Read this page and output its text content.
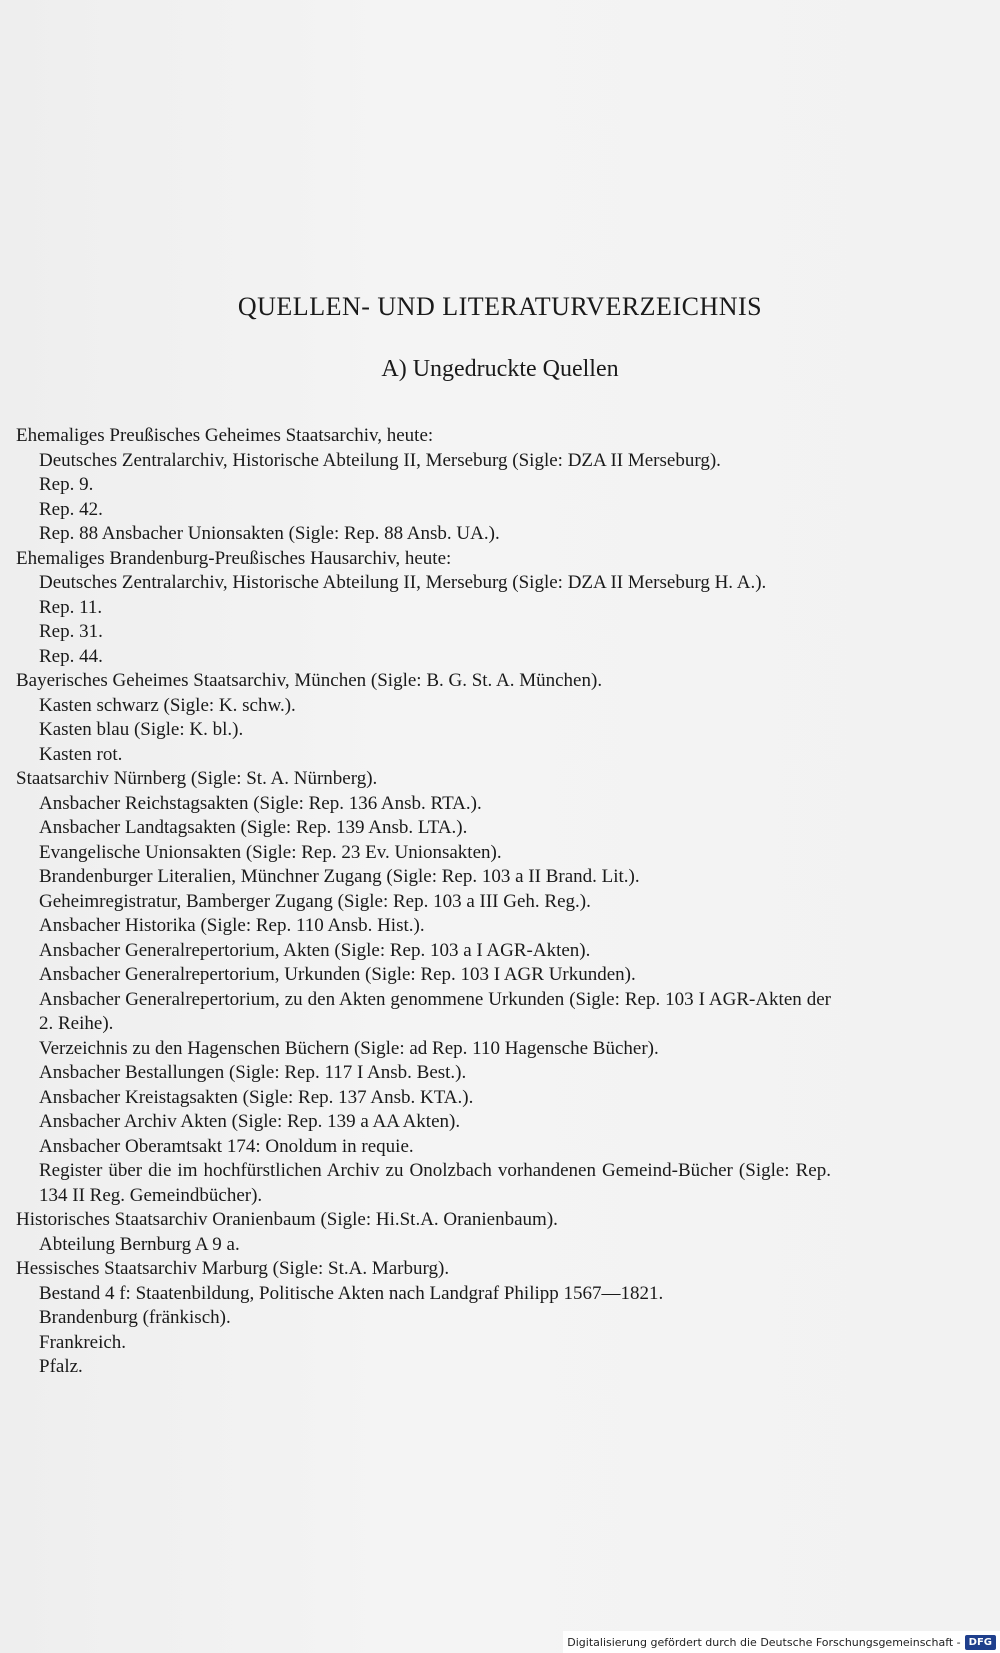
QUELLEN- UND LITERATURVERZEICHNIS
A) Ungedruckte Quellen
Ehemaliges Preußisches Geheimes Staatsarchiv, heute:
Deutsches Zentralarchiv, Historische Abteilung II, Merseburg (Sigle: DZA II Merseburg).
Rep. 9.
Rep. 42.
Rep. 88 Ansbacher Unionsakten (Sigle: Rep. 88 Ansb. UA.).
Ehemaliges Brandenburg-Preußisches Hausarchiv, heute:
Deutsches Zentralarchiv, Historische Abteilung II, Merseburg (Sigle: DZA II Merseburg H. A.).
Rep. 11.
Rep. 31.
Rep. 44.
Bayerisches Geheimes Staatsarchiv, München (Sigle: B. G. St. A. München).
Kasten schwarz (Sigle: K. schw.).
Kasten blau (Sigle: K. bl.).
Kasten rot.
Staatsarchiv Nürnberg (Sigle: St. A. Nürnberg).
Ansbacher Reichstagsakten (Sigle: Rep. 136 Ansb. RTA.).
Ansbacher Landtagsakten (Sigle: Rep. 139 Ansb. LTA.).
Evangelische Unionsakten (Sigle: Rep. 23 Ev. Unionsakten).
Brandenburger Literalien, Münchner Zugang (Sigle: Rep. 103 a II Brand. Lit.).
Geheimregistratur, Bamberger Zugang (Sigle: Rep. 103 a III Geh. Reg.).
Ansbacher Historika (Sigle: Rep. 110 Ansb. Hist.).
Ansbacher Generalrepertorium, Akten (Sigle: Rep. 103 a I AGR-Akten).
Ansbacher Generalrepertorium, Urkunden (Sigle: Rep. 103 I AGR Urkunden).
Ansbacher Generalrepertorium, zu den Akten genommene Urkunden (Sigle: Rep. 103 I AGR-Akten der 2. Reihe).
Verzeichnis zu den Hagenschen Büchern (Sigle: ad Rep. 110 Hagensche Bücher).
Ansbacher Bestallungen (Sigle: Rep. 117 I Ansb. Best.).
Ansbacher Kreistagsakten (Sigle: Rep. 137 Ansb. KTA.).
Ansbacher Archiv Akten (Sigle: Rep. 139 a AA Akten).
Ansbacher Oberamtsakt 174: Onoldum in requie.
Register über die im hochfürstlichen Archiv zu Onolzbach vorhandenen Gemeind-Bücher (Sigle: Rep. 134 II Reg. Gemeindbücher).
Historisches Staatsarchiv Oranienbaum (Sigle: Hi.St.A. Oranienbaum).
Abteilung Bernburg A 9 a.
Hessisches Staatsarchiv Marburg (Sigle: St.A. Marburg).
Bestand 4 f: Staatenbildung, Politische Akten nach Landgraf Philipp 1567—1821.
Brandenburg (fränkisch).
Frankreich.
Pfalz.
Digitalisierung gefördert durch die Deutsche Forschungsgemeinschaft - DFG
